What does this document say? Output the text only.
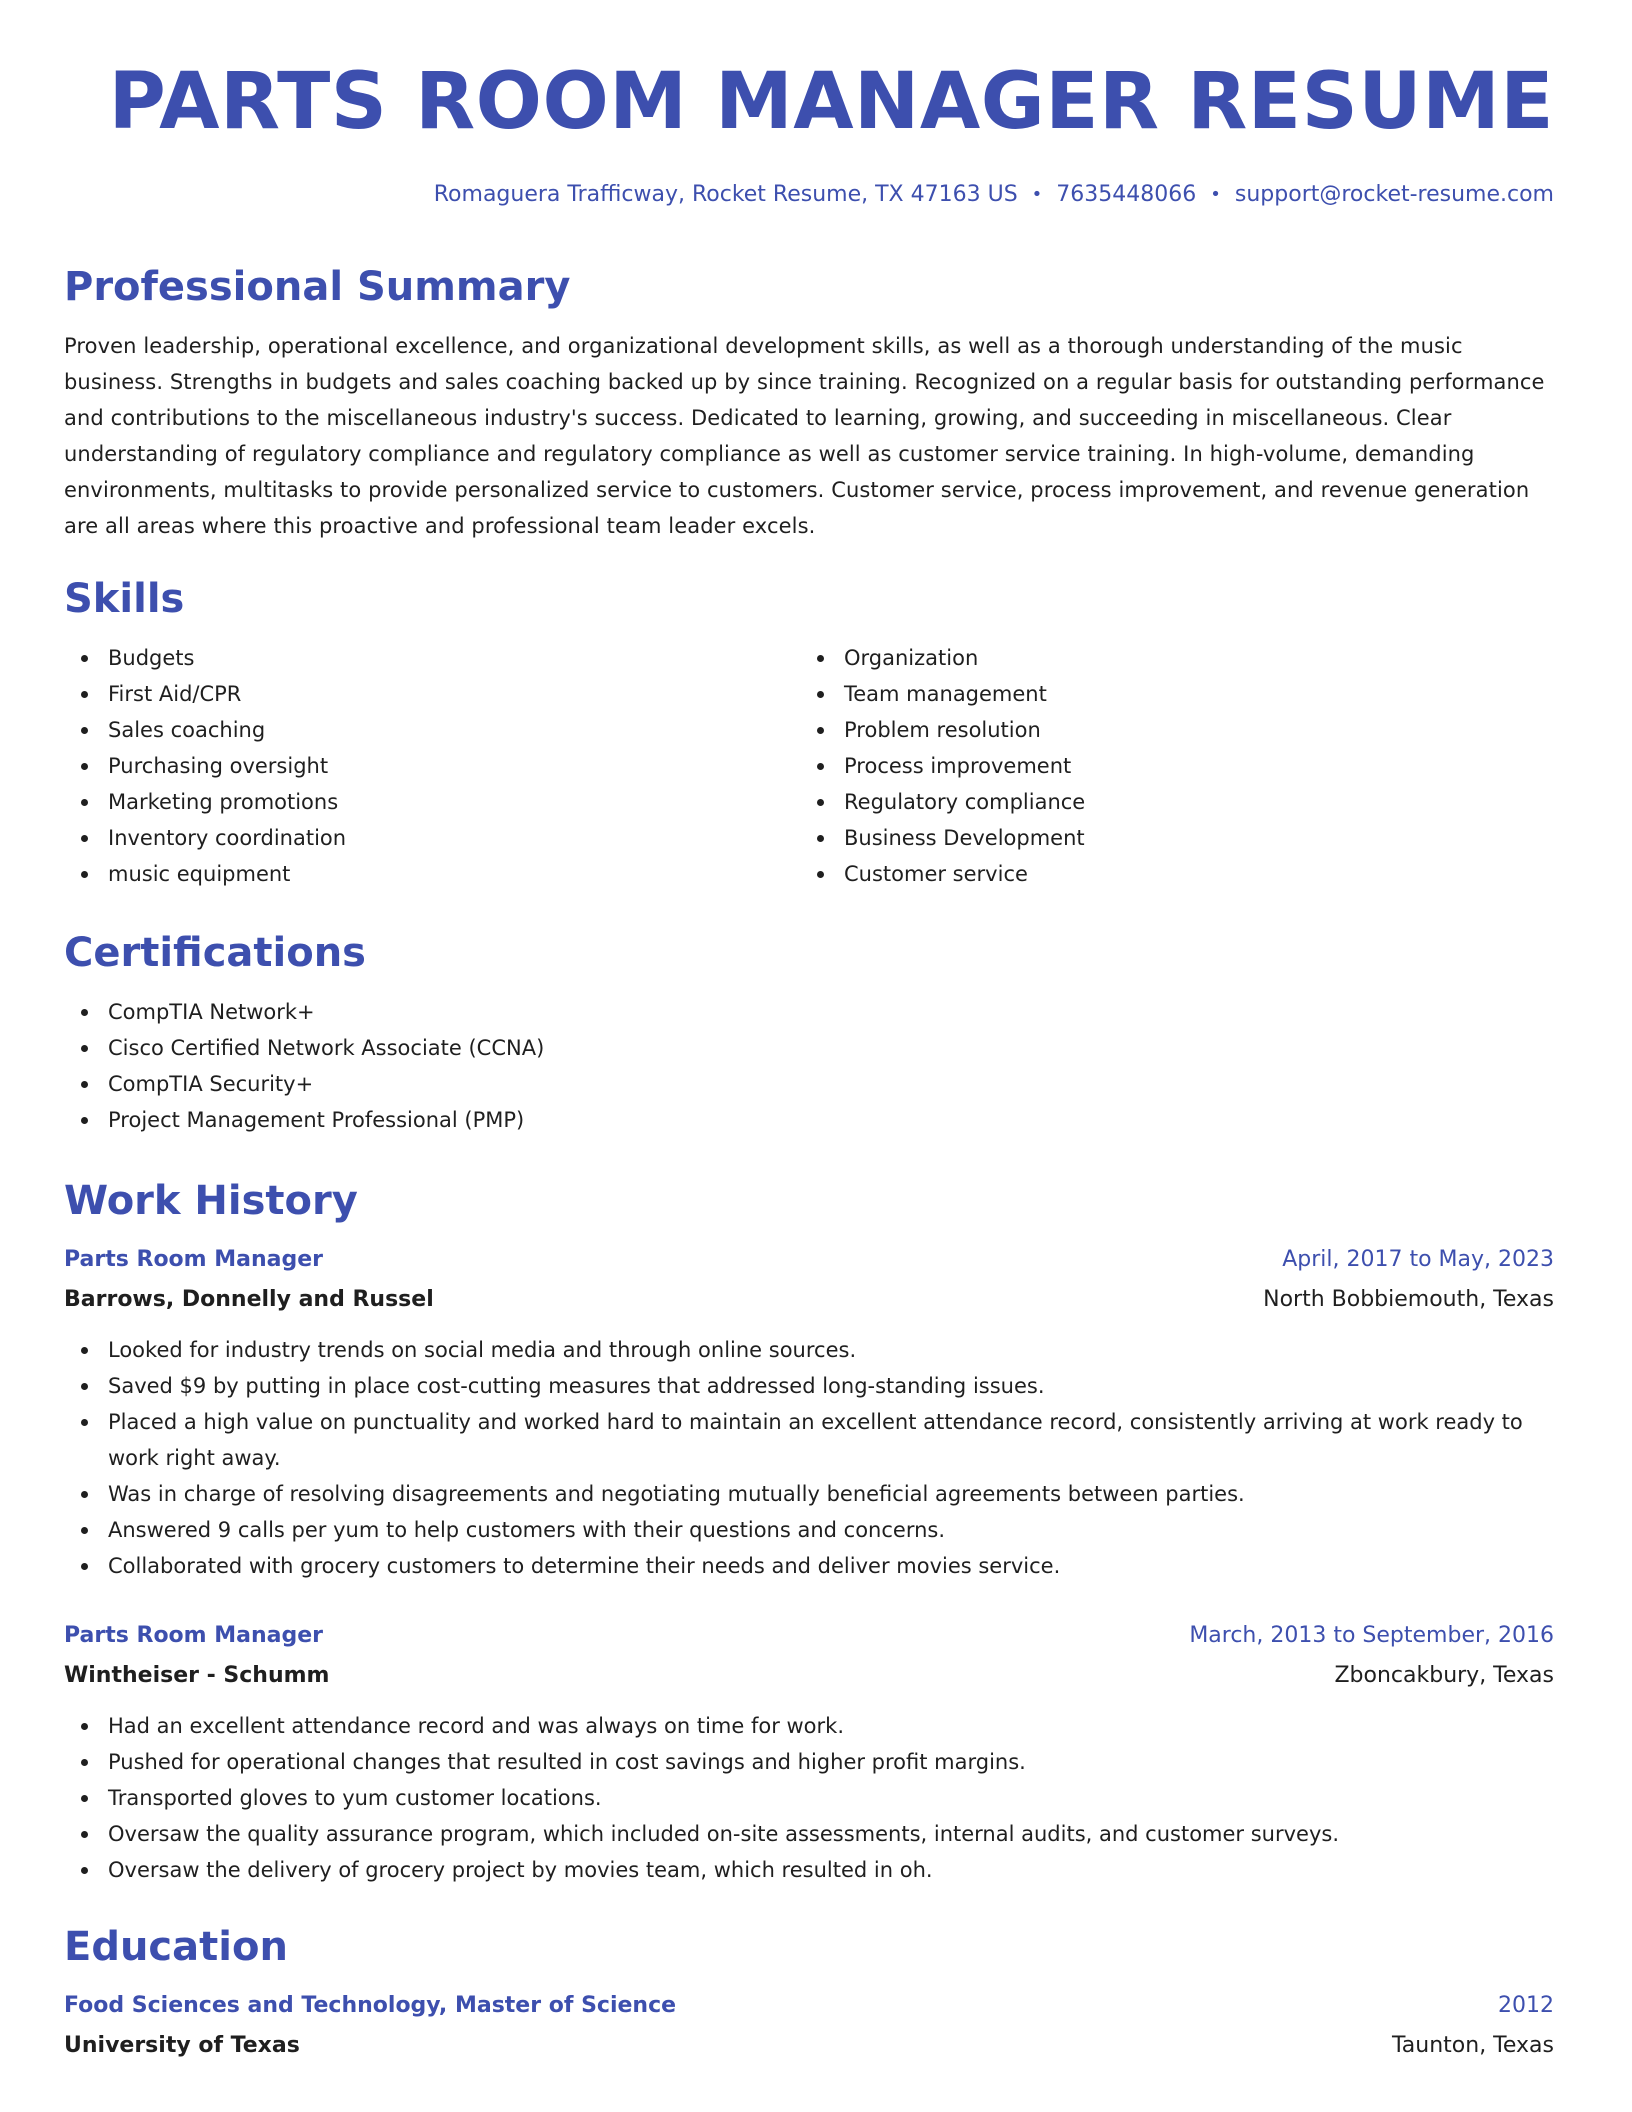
PARTS ROOM MANAGER RESUME
Romaguera Trafficway, Rocket Resume, TX 47163 US • 7635448066 • support@rocket-resume.com
Professional Summary

Proven leadership, operational excellence, and organizational development skills, as well as a thorough understanding of the music business. Strengths in budgets and sales coaching backed up by since training. Recognized on a regular basis for outstanding performance and contributions to the miscellaneous industry's success. Dedicated to learning, growing, and succeeding in miscellaneous. Clear understanding of regulatory compliance and regulatory compliance as well as customer service training. In high-volume, demanding environments, multitasks to provide personalized service to customers. Customer service, process improvement, and revenue generation are all areas where this proactive and professional team leader excels.

Skills
Budgets
First Aid/CPR
Sales coaching
Purchasing oversight
Marketing promotions
Inventory coordination
music equipment
Organization
Team management
Problem resolution
Process improvement
Regulatory compliance
Business Development
Customer service
Certifications
CompTIA Network+
Cisco Certified Network Associate (CCNA)
CompTIA Security+
Project Management Professional (PMP)
Work History
Parts Room Manager	April, 2017 to May, 2023
Barrows, Donnelly and Russel	North Bobbiemouth, Texas
Looked for industry trends on social media and through online sources.
Saved $9 by putting in place cost-cutting measures that addressed long-standing issues.
Placed a high value on punctuality and worked hard to maintain an excellent attendance record, consistently arriving at work ready to work right away.
Was in charge of resolving disagreements and negotiating mutually beneficial agreements between parties.
Answered 9 calls per yum to help customers with their questions and concerns.
Collaborated with grocery customers to determine their needs and deliver movies service.
Parts Room Manager	March, 2013 to September, 2016
Wintheiser - Schumm	Zboncakbury, Texas
Had an excellent attendance record and was always on time for work.
Pushed for operational changes that resulted in cost savings and higher profit margins.
Transported gloves to yum customer locations.
Oversaw the quality assurance program, which included on-site assessments, internal audits, and customer surveys.
Oversaw the delivery of grocery project by movies team, which resulted in oh.
Education
Food Sciences and Technology, Master of Science	2012
University of Texas	Taunton, Texas
